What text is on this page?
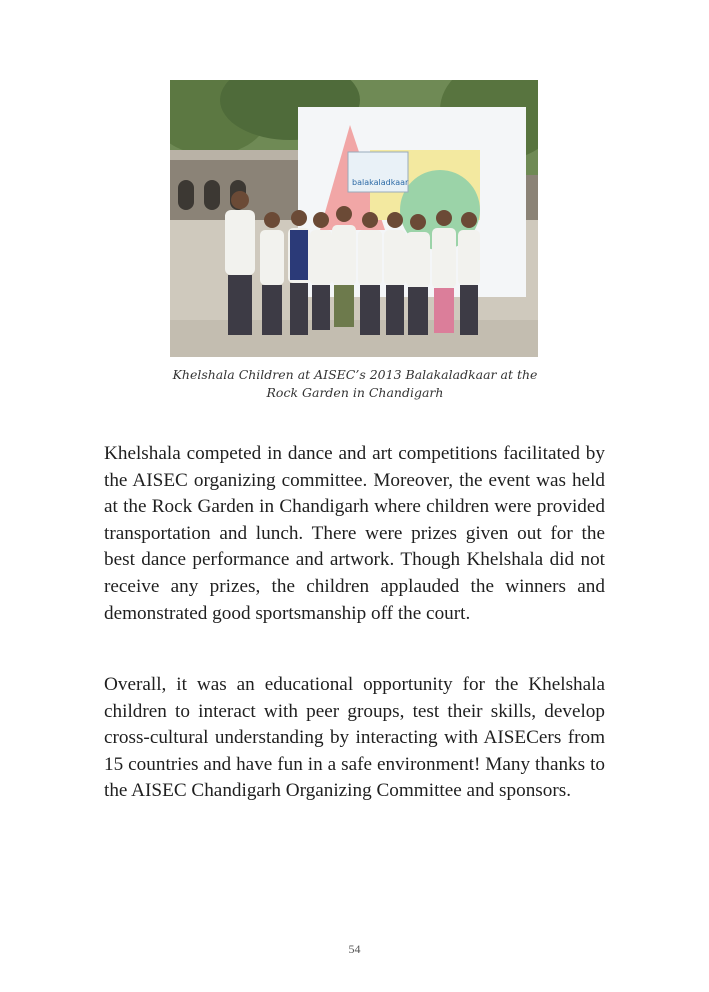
balakaladkaar
Khelshala Children at AISEC’s 2013 Balakaladkaar at the
Rock Garden in Chandigarh

Khelshala competed in dance and art competitions facilitated by the AISEC organizing committee. Moreover, the event was held at the Rock Garden in Chandigarh where children were provided transportation and lunch. There were prizes given out for the best dance performance and artwork. Though Khelshala did not receive any prizes, the children applauded the winners and demonstrated good sportsmanship off the court.

Overall, it was an educational opportunity for the Khelshala children to interact with peer groups, test their skills, develop cross-cultural understanding by interacting with AISECers from 15 countries and have fun in a safe environment! Many thanks to the AISEC Chandigarh Organizing Committee and sponsors.

54
